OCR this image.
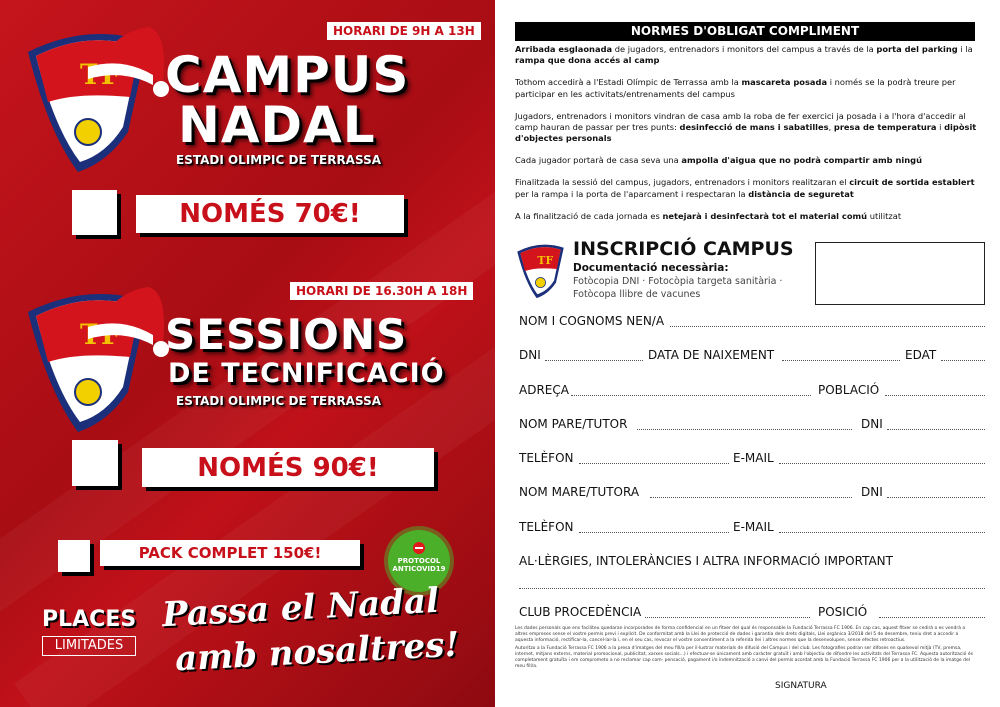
HORARI DE 9H A 13H
CAMPUS
NADAL
ESTADI OLIMPIC DE TERRASSA
NOMÉS 70€!
HORARI DE 16.30H A 18H
SESSIONS
DE TECNIFICACIÓ
ESTADI OLIMPIC DE TERRASSA
NOMÉS 90€!
PACK COMPLET 150€!	PROTOCOL
ANTICOVID19
PLACES
LIMITADES
Passa el Nadal
amb nosaltres!
NORMES D'OBLIGAT COMPLIMENT

Arribada esglaonada de jugadors, entrenadors i monitors del campus a través de la porta del parking i la rampa que dona accés al camp

Tothom accedirà a l'Estadi Olímpic de Terrassa amb la mascareta posada i només se la podrà treure per participar en les activitats/entrenaments del campus

Jugadors, entrenadors i monitors vindran de casa amb la roba de fer exercici ja posada i a l'hora d'accedir al camp hauran de passar per tres punts: desinfecció de mans i sabatilles, presa de temperatura i dipòsit d'objectes personals

Cada jugador portarà de casa seva una ampolla d'aigua que no podrà compartir amb ningú

Finalitzada la sessió del campus, jugadors, entrenadors i monitors realitzaran el circuit de sortida establert per la rampa i la porta de l'aparcament i respectaran la distància de seguretat

A la finalització de cada jornada es netejarà i desinfectarà tot el material comú utilitzat

INSCRIPCIÓ CAMPUS
Documentació necessària:
Fotòcopia DNI · Fotocòpia targeta sanitària ·
Fotòcopa llibre de vacunes
NOM I COGNOMS NEN/A
DNI	DATA DE NAIXEMENT	EDAT
ADREÇA	POBLACIÓ
NOM PARE/TUTOR	DNI
TELÈFON	E-MAIL
NOM MARE/TUTORA	DNI
TELÈFON	E-MAIL
AL·LÈRGIES, INTOLERÀNCIES I ALTRA INFORMACIÓ IMPORTANT
CLUB PROCEDÈNCIA	POSICIÓ

Les dades personals que ens faciliteu quedaran incorporades de forma confidencial en un fitxer del qual és responsable la Fundació Terrassa FC 1906. En cap cas, aquest fitxer se cedirà o es vendrà a altres empreses sense el vostre permís previ i explícit. De conformitat amb la Llei de protecció de dades i garantia dels drets digitals, Llei orgànica 3/2018 del 5 de desembre, teniu dret a accedir a aquesta informació, rectificar-la, cancel·lar-la i, en el seu cas, revocar el vostre consentiment a la referida llei i altres normes que la desenvolupen, sense efectes retroactius.

Autoritzo a la Fundació Terrassa FC 1906 a la presa d'imatges del meu fill/a per il·lustrar materials de difusió del Campus i del club. Les fotografies podran ser difoses en qualsevol mitjà (TV, premsa, internet, mitjans externs, material promocional, publicitat, xarxes socials...) i efectuar-se únicament amb caràcter gratuït i amb l'objectiu de difondre les activitats del Terrassa FC. Aquesta autorització és completament gratuïta i em comprometo a no reclamar cap com- pensació, pagament i/o indemnització a canvi del permís acordat amb la Fundació Terrassa FC 1906 per a la utilització de la imatge del meu fill/a.

SIGNATURA
